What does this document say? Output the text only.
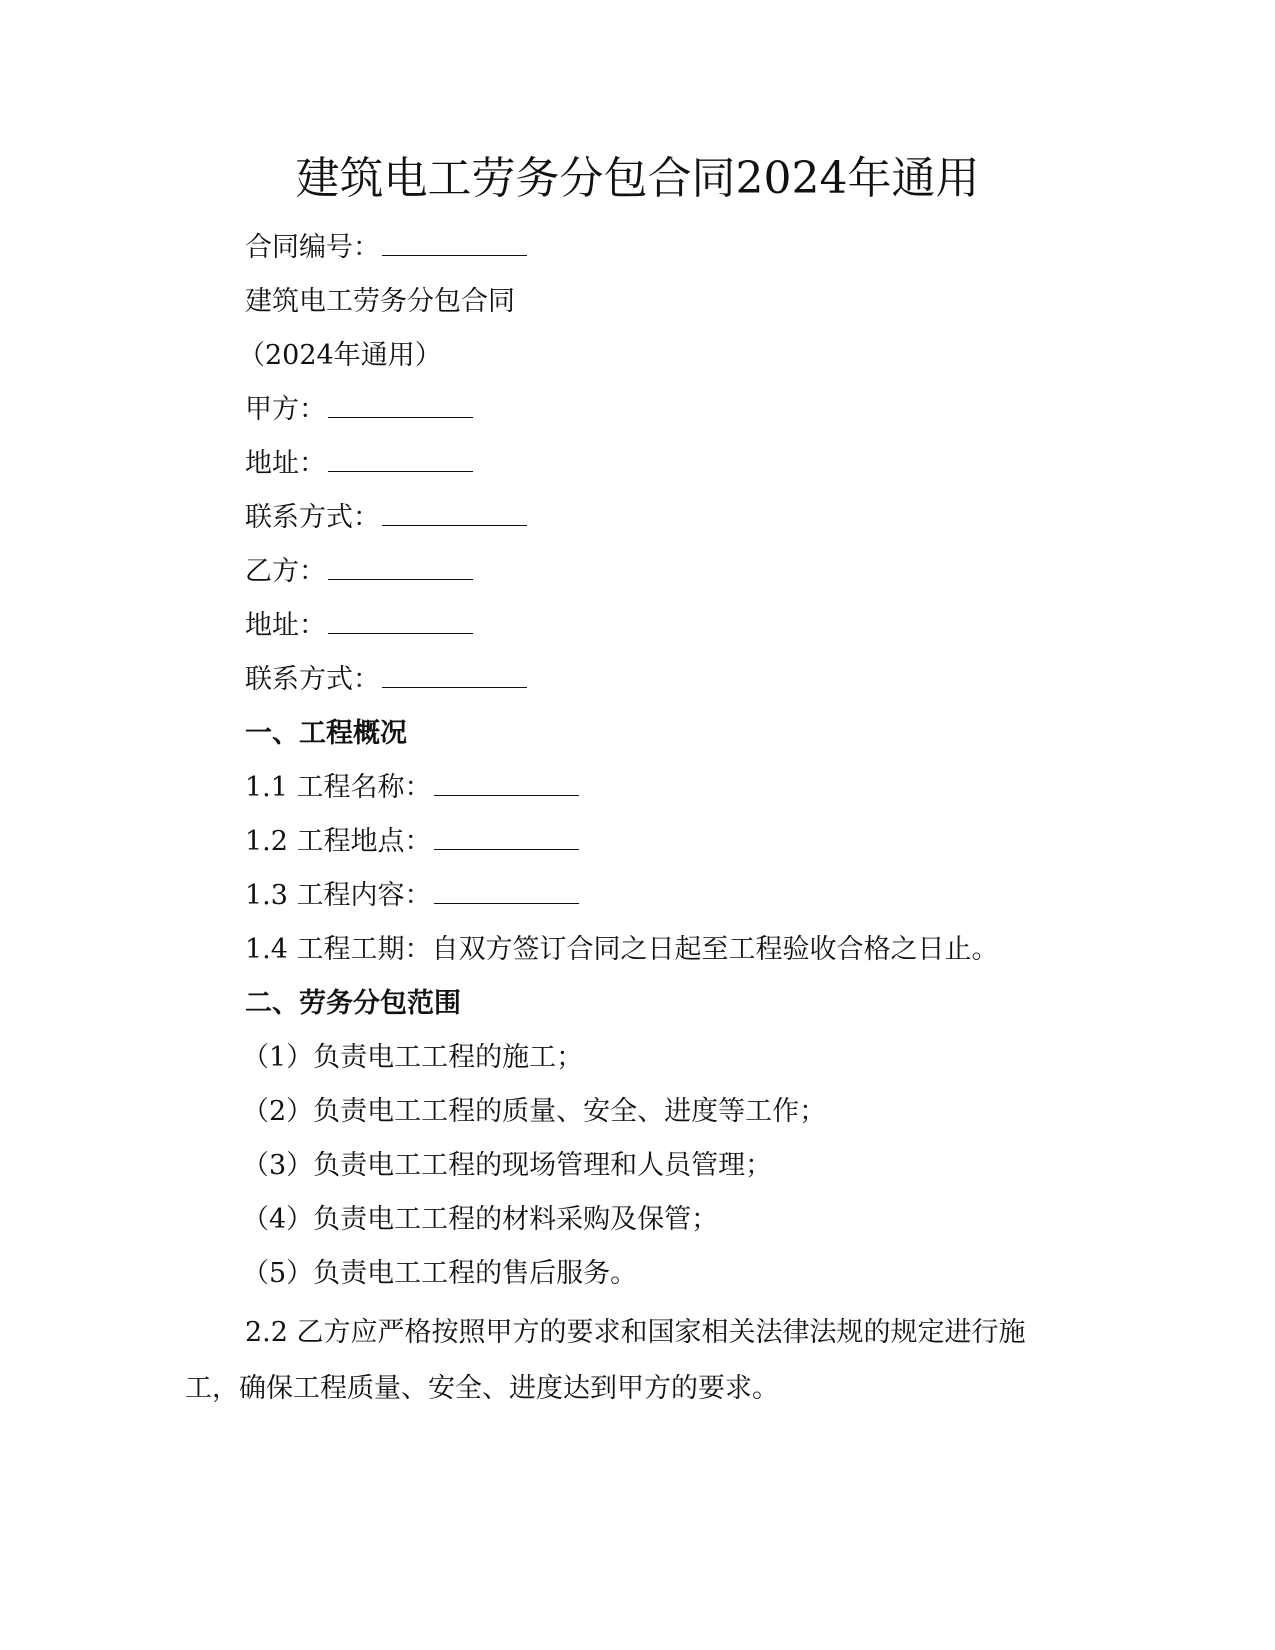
建筑电工劳务分包合同2024年通用
合同编号：
建筑电工劳务分包合同
（2024年通用）
甲方：
地址：
联系方式：
乙方：
地址：
联系方式：
一、工程概况
1.1 工程名称：
1.2 工程地点：
1.3 工程内容：
1.4 工程工期：自双方签订合同之日起至工程验收合格之日止。
二、劳务分包范围
（1）负责电工工程的施工；
（2）负责电工工程的质量、安全、进度等工作；
（3）负责电工工程的现场管理和人员管理；
（4）负责电工工程的材料采购及保管；
（5）负责电工工程的售后服务。
2.2 乙方应严格按照甲方的要求和国家相关法律法规的规定进行施工，确保工程质量、安全、进度达到甲方的要求。
